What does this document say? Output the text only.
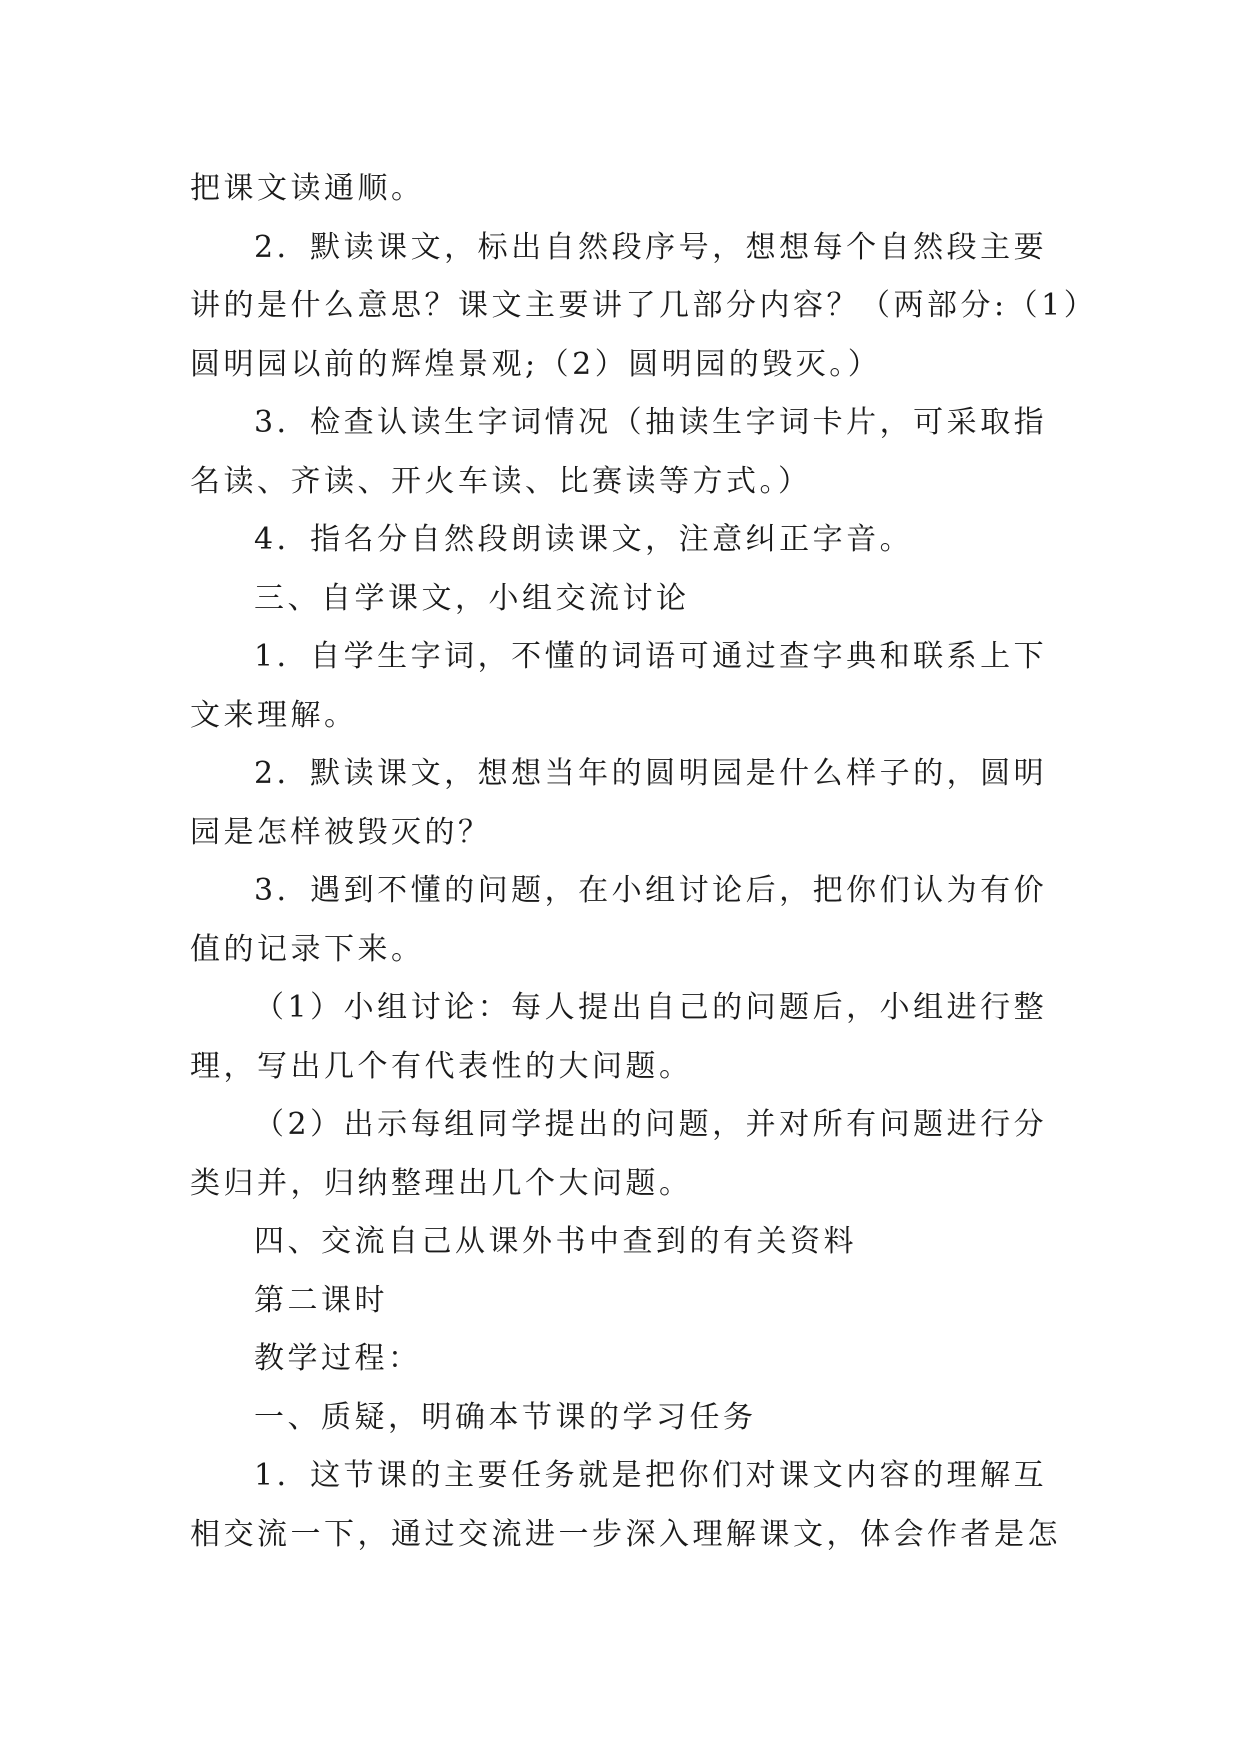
把课文读通顺。
2．默读课文，标出自然段序号，想想每个自然段主要
讲的是什么意思？课文主要讲了几部分内容？（两部分:（1）
圆明园以前的辉煌景观;（2）圆明园的毁灭。）
3．检查认读生字词情况（抽读生字词卡片，可采取指
名读、齐读、开火车读、比赛读等方式。）
4．指名分自然段朗读课文，注意纠正字音。
三、自学课文，小组交流讨论
1．自学生字词，不懂的词语可通过查字典和联系上下
文来理解。
2．默读课文，想想当年的圆明园是什么样子的，圆明
园是怎样被毁灭的？
3．遇到不懂的问题，在小组讨论后，把你们认为有价
值的记录下来。
（1）小组讨论：每人提出自己的问题后，小组进行整
理，写出几个有代表性的大问题。
（2）出示每组同学提出的问题，并对所有问题进行分
类归并，归纳整理出几个大问题。
四、交流自己从课外书中查到的有关资料
第二课时
教学过程：
一、质疑，明确本节课的学习任务
1．这节课的主要任务就是把你们对课文内容的理解互
相交流一下，通过交流进一步深入理解课文，体会作者是怎
